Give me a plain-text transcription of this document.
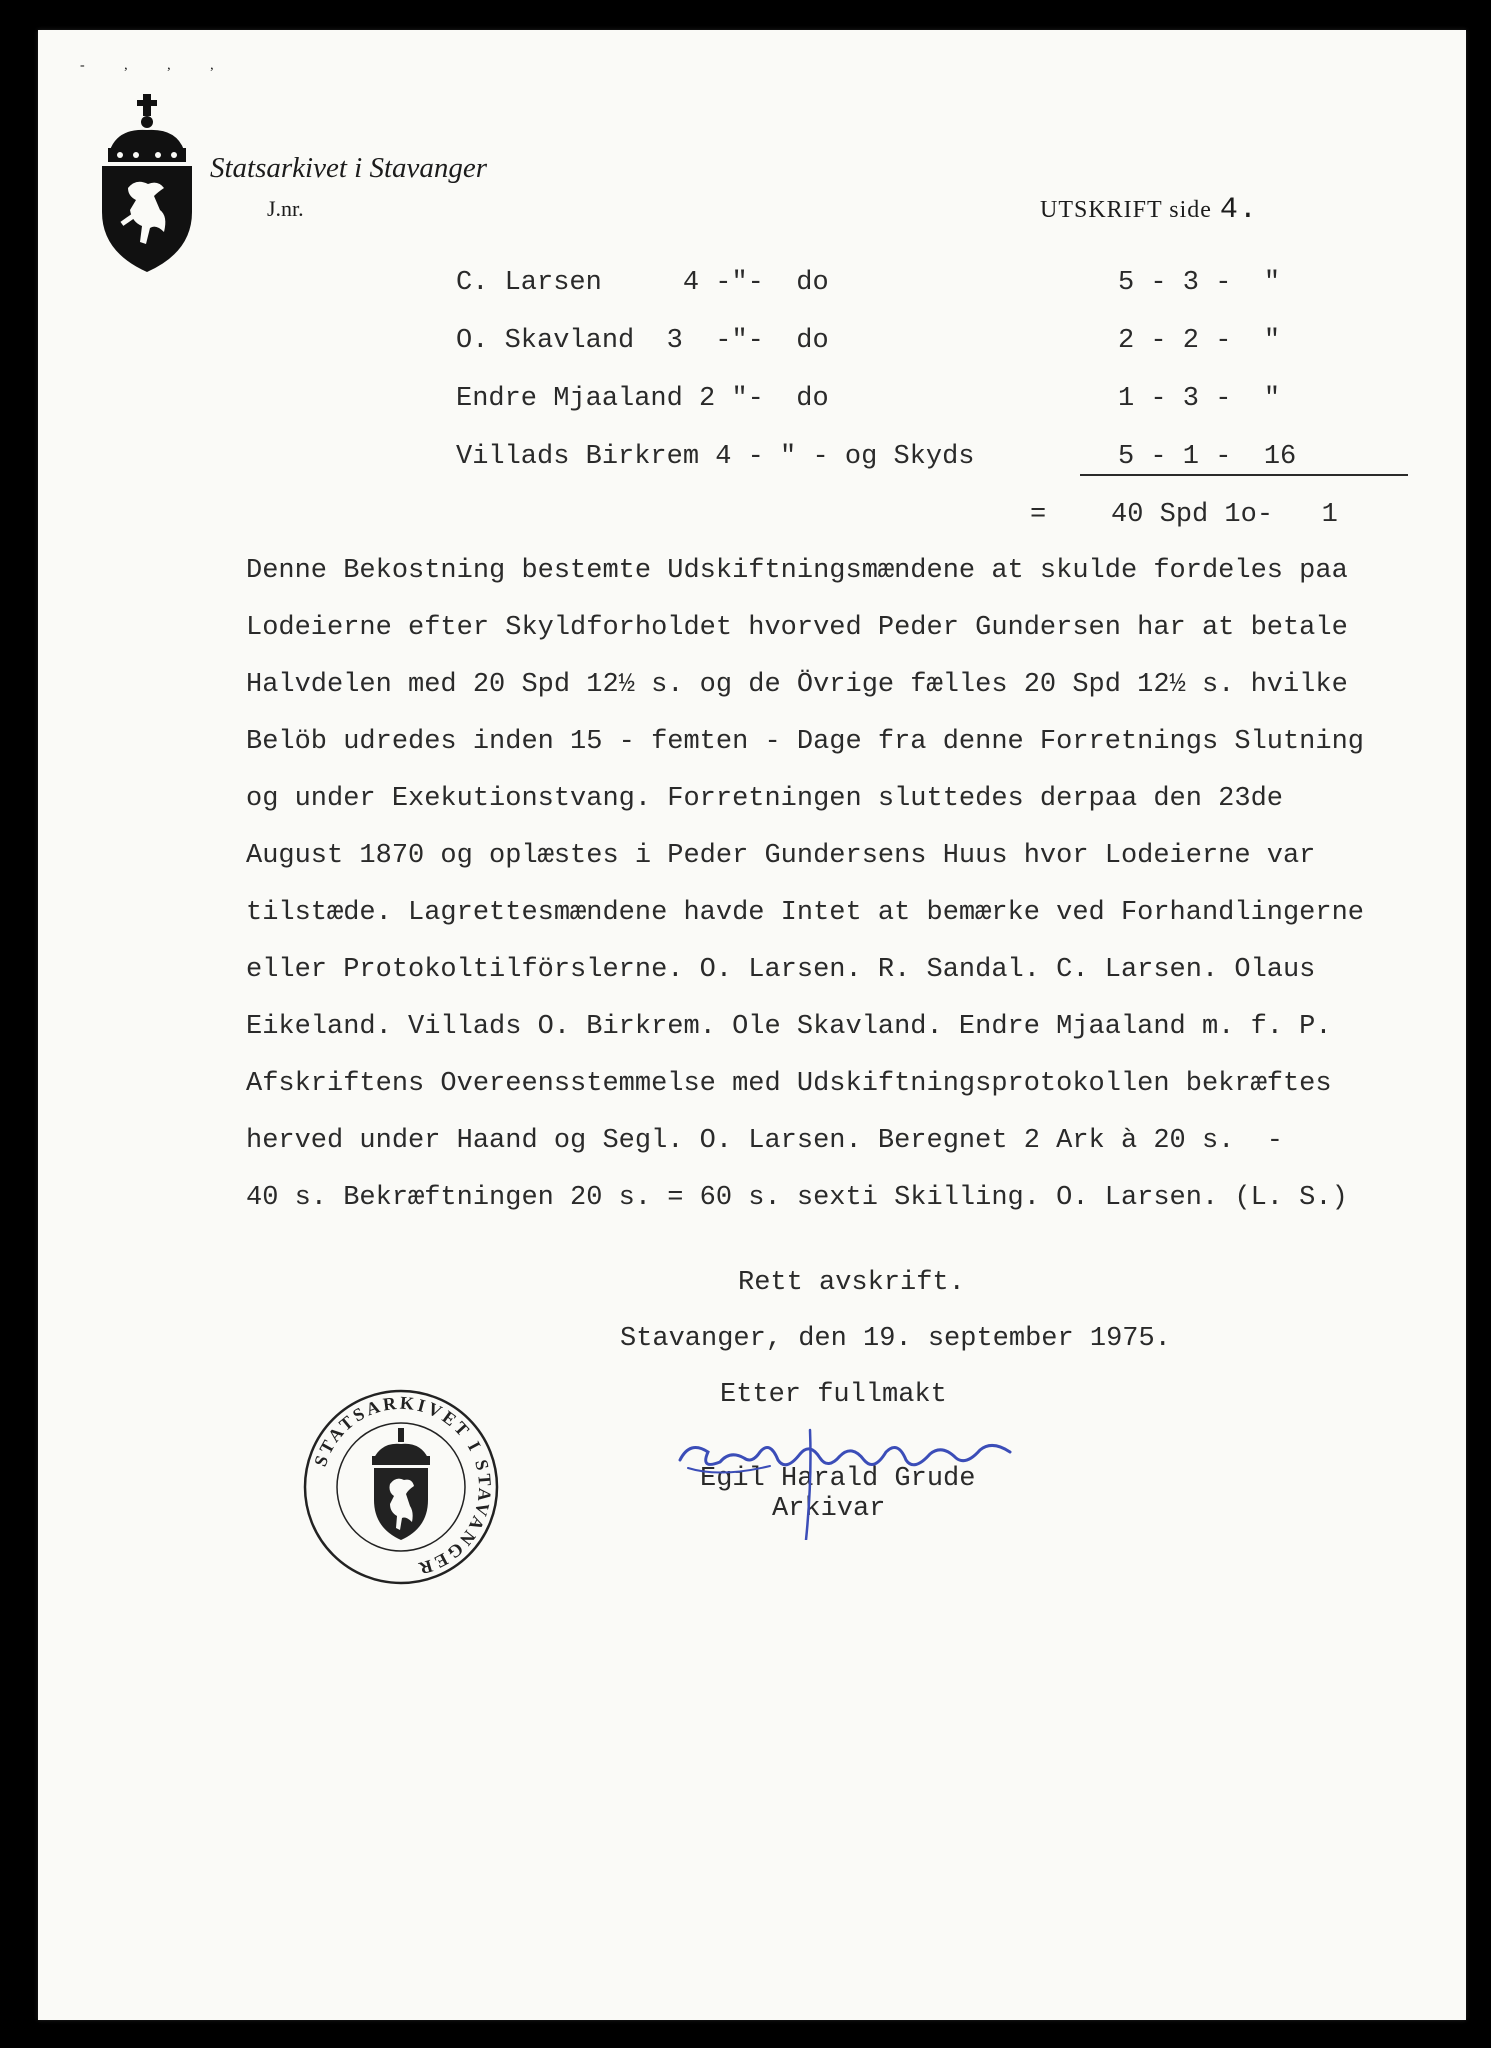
- , , ,
Statsarkivet i Stavanger
J.nr.	UTSKRIFT side 4.
C. Larsen     4 -"-  do	5 - 3 -  "
O. Skavland  3  -"-  do	2 - 2 -  "
Endre Mjaaland 2 "-  do	1 - 3 -  "
Villads Birkrem 4 - " - og Skyds	5 - 1 -  16
=    40 Spd 1o-   1
Denne Bekostning bestemte Udskiftningsmændene at skulde fordeles paa
Lodeierne efter Skyldforholdet hvorved Peder Gundersen har at betale
Halvdelen med 20 Spd 12½ s. og de Övrige fælles 20 Spd 12½ s. hvilke
Belöb udredes inden 15 - femten - Dage fra denne Forretnings Slutning
og under Exekutionstvang. Forretningen sluttedes derpaa den 23de
August 1870 og oplæstes i Peder Gundersens Huus hvor Lodeierne var
tilstæde. Lagrettesmændene havde Intet at bemærke ved Forhandlingerne
eller Protokoltilförslerne. O. Larsen. R. Sandal. C. Larsen. Olaus
Eikeland. Villads O. Birkrem. Ole Skavland. Endre Mjaaland m. f. P.
Afskriftens Overeensstemmelse med Udskiftningsprotokollen bekræftes
herved under Haand og Segl. O. Larsen. Beregnet 2 Ark à 20 s.  -
40 s. Bekræftningen 20 s. = 60 s. sexti Skilling. O. Larsen. (L. S.)
Rett avskrift.
Stavanger, den 19. september 1975.
Etter fullmakt
Egil Harald Grude
Arkivar
STATSARKIVET I STAVANGER
